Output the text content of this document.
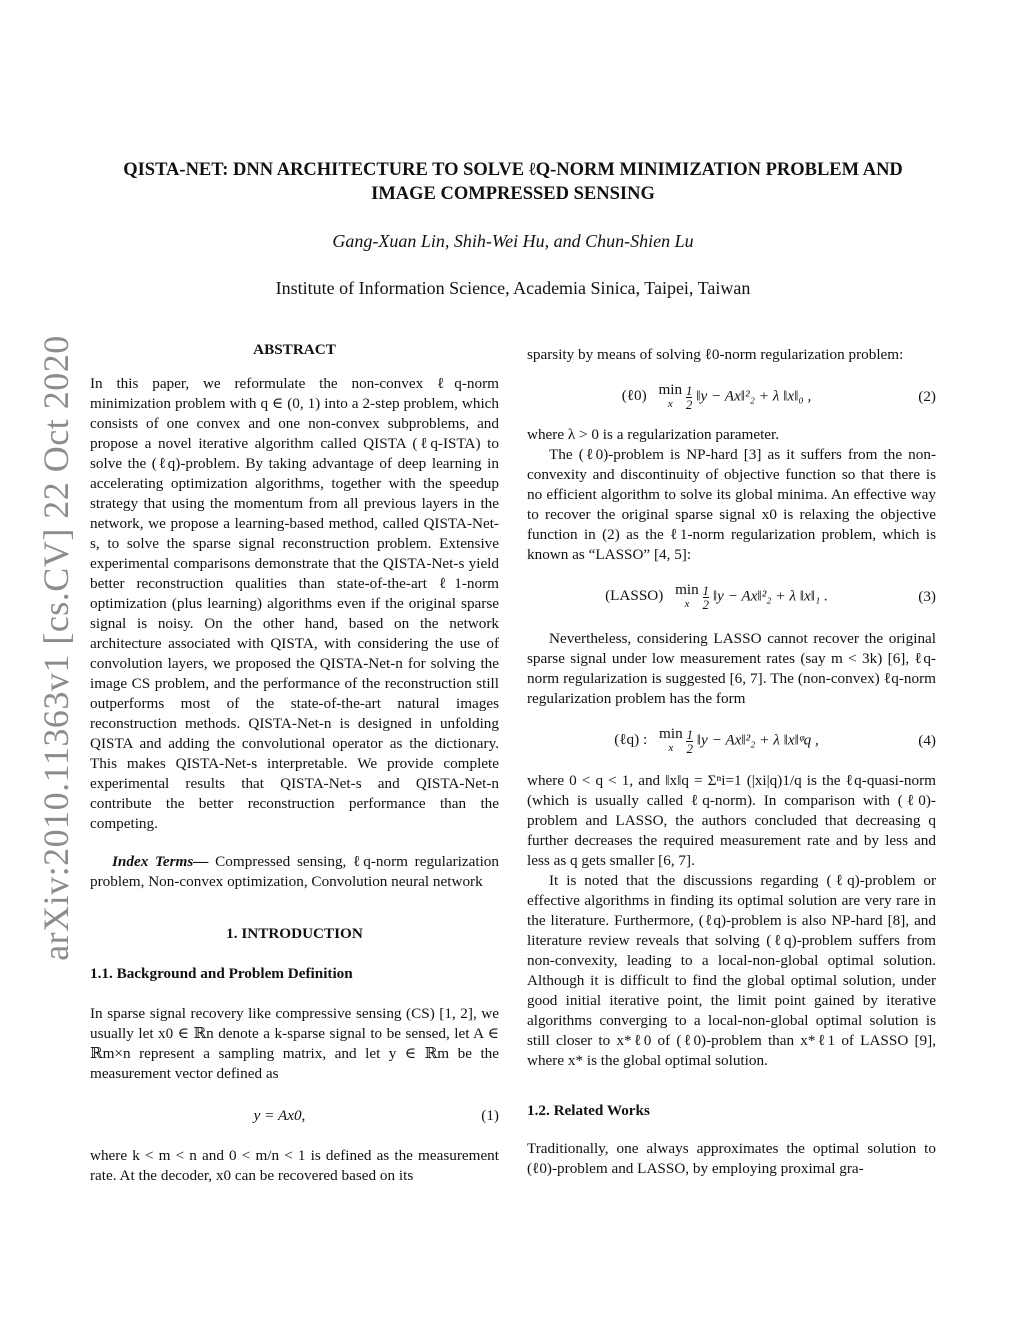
arXiv:2010.11363v1 [cs.CV] 22 Oct 2020
QISTA-NET: DNN ARCHITECTURE TO SOLVE ℓQ-NORM MINIMIZATION PROBLEM AND
IMAGE COMPRESSED SENSING
Gang-Xuan Lin, Shih-Wei Hu, and Chun-Shien Lu
Institute of Information Science, Academia Sinica, Taipei, Taiwan
ABSTRACT

In this paper, we reformulate the non-convex ℓq-norm minimization problem with q ∈ (0, 1) into a 2-step problem, which consists of one convex and one non-convex subproblems, and propose a novel iterative algorithm called QISTA (ℓq-ISTA) to solve the (ℓq)-problem. By taking advantage of deep learning in accelerating optimization algorithms, together with the speedup strategy that using the momentum from all previous layers in the network, we propose a learning-based method, called QISTA-Net-s, to solve the sparse signal reconstruction problem. Extensive experimental comparisons demonstrate that the QISTA-Net-s yield better reconstruction qualities than state-of-the-art ℓ1-norm optimization (plus learning) algorithms even if the original sparse signal is noisy. On the other hand, based on the network architecture associated with QISTA, with considering the use of convolution layers, we proposed the QISTA-Net-n for solving the image CS problem, and the performance of the reconstruction still outperforms most of the state-of-the-art natural images reconstruction methods. QISTA-Net-n is designed in unfolding QISTA and adding the convolutional operator as the dictionary. This makes QISTA-Net-s interpretable. We provide complete experimental results that QISTA-Net-s and QISTA-Net-n contribute the better reconstruction performance than the competing.

Index Terms— Compressed sensing, ℓq-norm regularization problem, Non-convex optimization, Convolution neural network

1. INTRODUCTION
1.1. Background and Problem Definition

In sparse signal recovery like compressive sensing (CS) [1, 2], we usually let x0 ∈ ℝn denote a k-sparse signal to be sensed, let A ∈ ℝm×n represent a sampling matrix, and let y ∈ ℝm be the measurement vector defined as

y = Ax0,	(1)

where k < m < n and 0 < m/n < 1 is defined as the measurement rate. At the decoder, x0 can be recovered based on its

sparsity by means of solving ℓ0-norm regularization problem:

(ℓ0) min
x
	$\frac{1}{2}$ ‖y − Ax‖²₂ + λ ‖x‖₀ ,	(2)

where λ > 0 is a regularization parameter.

The (ℓ0)-problem is NP-hard [3] as it suffers from the non-convexity and discontinuity of objective function so that there is no efficient algorithm to solve its global minima. An effective way to recover the original sparse signal x0 is relaxing the objective function in (2) as the ℓ1-norm regularization problem, which is known as “LASSO” [4, 5]:

(LASSO) min
x
	$\frac{1}{2}$ ‖y − Ax‖²₂ + λ ‖x‖₁ .	(3)

Nevertheless, considering LASSO cannot recover the original sparse signal under low measurement rates (say m < 3k) [6], ℓq-norm regularization is suggested [6, 7]. The (non-convex) ℓq-norm regularization problem has the form

(ℓq) : min
x
	$\frac{1}{2}$ ‖y − Ax‖²₂ + λ ‖x‖ᵠq ,	(4)

where 0 < q < 1, and ‖x‖q = Σⁿi=1 (|xi|q)1/q is the ℓq-quasi-norm (which is usually called ℓq-norm). In comparison with (ℓ0)-problem and LASSO, the authors concluded that decreasing q further decreases the required measurement rate and by less and less as q gets smaller [6, 7].

It is noted that the discussions regarding (ℓq)-problem or effective algorithms in finding its optimal solution are very rare in the literature. Furthermore, (ℓq)-problem is also NP-hard [8], and literature review reveals that solving (ℓq)-problem suffers from non-convexity, leading to a local-non-global optimal solution. Although it is difficult to find the global optimal solution, under good initial iterative point, the limit point gained by iterative algorithms converging to a local-non-global optimal solution is still closer to x*ℓ0 of (ℓ0)-problem than x*ℓ1 of LASSO [9], where x* is the global optimal solution.

1.2. Related Works

Traditionally, one always approximates the optimal solution to (ℓ0)-problem and LASSO, by employing proximal gra-
